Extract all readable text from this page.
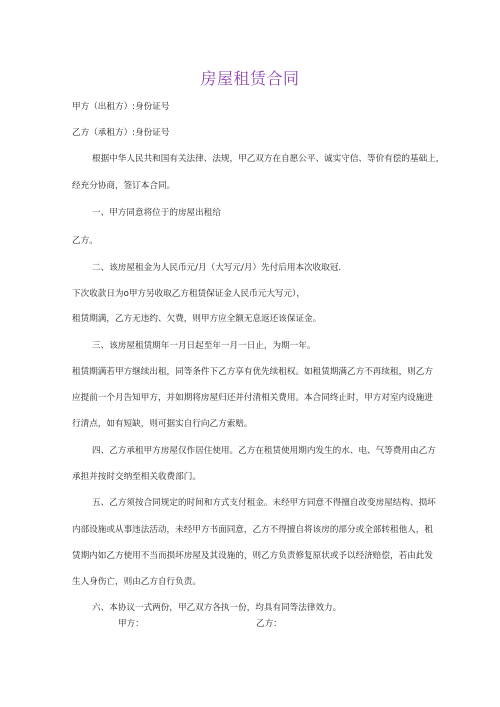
房屋租赁合同
甲方（出租方）:身份证号
乙方（承租方）:身份证号
根据中华人民共和国有关法律、法规，甲乙双方在自愿公平、诚实守信、等价有偿的基础上，
经充分协商，签订本合同。
一、甲方同意将位于的房屋出租给
乙方。
二、该房屋租金为人民币元/月（大写元/月）先付后用本次收取冠.
下次收款日为o甲方另收取乙方租赁保证金人民币元大写元），
租赁期满，乙方无违约、欠费，则甲方应全额无息返还该保证金。
三、该房屋租赁期年一月日起至年一月一日止，为期一年。
租赁期满若甲方继续出租，同等条件下乙方享有优先续租权。如租赁期满乙方不再续租，则乙方
应提前一个月告知甲方，并如期将房屋归还并付清相关费用。本合同终止时，甲方对室内设施进
行清点，如有短缺，则可据实自行向乙方索赔。
四、乙方承租甲方房屋仅作居住使用。乙方在租赁使用期内发生的水、电、气等费用由乙方
承担并按时交纳至相关收费部门。
五、乙方须按合同规定的时间和方式支付租金。未经甲方同意不得擅自改变房屋结构、损坏
内部设施或从事违法活动，未经甲方书面同意，乙方不得擅自将该房的部分或全部转租他人，租
赁期内如乙方使用不当而损坏房屋及其设施的，则乙方负责修复原状或予以经济赔偿，若由此发
生人身伤亡，则由乙方自行负责。
六、本协议一式两份，甲乙双方各执一份，均具有同等法律效力。
甲方：	乙方：
